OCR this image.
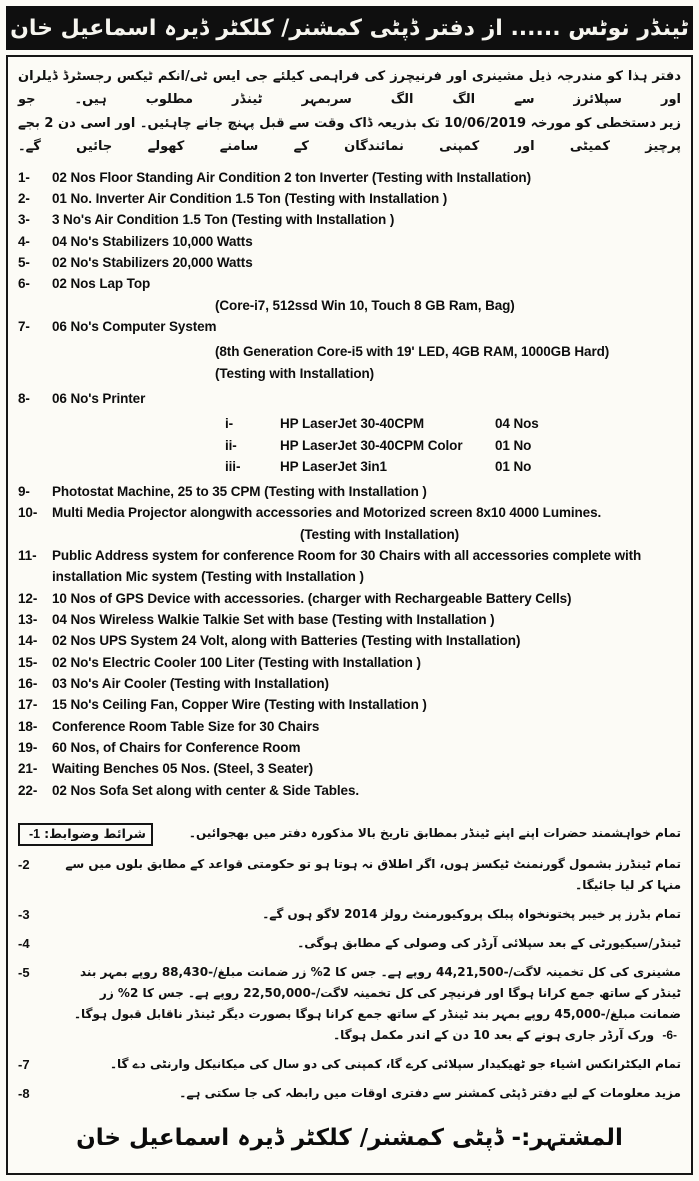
ٹینڈر نوٹس ...... از دفتر ڈپٹی کمشنر/ کلکٹر ڈیرہ اسماعیل خان
دفتر ہذا کو مندرجہ ذیل مشینری اور فرنیچرز کی فراہمی کیلئے جی ایس ٹی/انکم ٹیکس رجسٹرڈ ڈیلران اور سپلائرز سے الگ الگ سربمہر ٹینڈر مطلوب ہیں۔ جو
زیر دستخطی کو مورخہ 10/06/2019 تک بذریعہ ڈاک وقت سے قبل پہنچ جانے چاہئیں۔ اور اسی دن 2 بجے پرچیز کمیٹی اور کمپنی نمائندگان کے سامنے کھولے جائیں گے۔
1-	02 Nos Floor Standing Air Condition 2 ton Inverter (Testing with Installation)
2-	01 No. Inverter Air Condition 1.5 Ton (Testing with Installation )
3-	3 No's Air Condition 1.5 Ton (Testing with Installation )
4-	04 No's Stabilizers 10,000 Watts
5-	02 No's Stabilizers 20,000 Watts
6-	02 Nos Lap Top
(Core-i7, 512ssd Win 10, Touch 8 GB Ram, Bag)
7-	06 No's Computer System
(8th Generation Core-i5 with 19' LED, 4GB RAM, 1000GB Hard)
(Testing with Installation)
8-	06 No's Printer
i-	HP LaserJet 30-40CPM	04 Nos
ii-	HP LaserJet 30-40CPM Color	01 No
iii-	HP LaserJet 3in1	01 No
9-	Photostat Machine, 25 to 35 CPM (Testing with Installation )
10-	Multi Media Projector alongwith accessories and Motorized screen 8x10 4000 Lumines.
(Testing with Installation)
11-	Public Address system for conference Room for 30 Chairs with all accessories complete with installation Mic system (Testing with Installation )
12-	10 Nos of GPS Device with accessories. (charger with Rechargeable Battery Cells)
13-	04 Nos Wireless Walkie Talkie Set with base (Testing with Installation )
14-	02 Nos UPS System 24 Volt, along with Batteries (Testing with Installation)
15-	02 No's Electric Cooler 100 Liter (Testing with Installation )
16-	03 No's Air Cooler (Testing with Installation)
17-	15 No's Ceiling Fan, Copper Wire (Testing with Installation )
18-	Conference Room Table Size for 30 Chairs
19-	60 Nos, of Chairs for Conference Room
21-	Waiting Benches 05 Nos. (Steel, 3 Seater)
22-	02 Nos Sofa Set along with center & Side Tables.
شرائط وضوابط:-1	تمام خواہشمند حضرات اپنے اپنے ٹینڈر بمطابق تاریخ بالا مذکورہ دفتر میں بھجوائیں۔
-2	تمام ٹینڈرز بشمول گورنمنٹ ٹیکسز ہوں، اگر اطلاق نہ ہوتا ہو تو حکومتی قواعد کے مطابق بلوں میں سے منہا کر لیا جائیگا۔
-3	تمام بڈرز پر خیبر پختونخواہ پبلک پروکیورمنٹ رولز 2014 لاگو ہوں گے۔
-4	ٹینڈر/سیکیورٹی کے بعد سپلائی آرڈر کی وصولی کے مطابق ہوگی۔
-5	مشینری کی کل تخمینہ لاگت/-44,21,500 روپے ہے۔ جس کا 2% زر ضمانت مبلغ/-88,430 روپے بمہر بند ٹینڈر کے ساتھ جمع کرانا ہوگا اور فرنیچر کی کل تخمینہ لاگت/-22,50,000 روپے ہے۔ جس کا 2% زر ضمانت مبلغ/-45,000 روپے بمہر بند ٹینڈر کے ساتھ جمع کرانا ہوگا بصورت دیگر ٹینڈر ناقابل قبول ہوگا۔ -6- ورک آرڈر جاری ہونے کے بعد 10 دن کے اندر مکمل ہوگا۔
-7	تمام الیکٹرانکس اشیاء جو ٹھیکیدار سپلائی کرے گا، کمپنی کی دو سال کی میکانیکل وارنٹی دے گا۔
-8	مزید معلومات کے لیے دفتر ڈپٹی کمشنر سے دفتری اوقات میں رابطہ کی جا سکتی ہے۔
المشتہر:- ڈپٹی کمشنر/ کلکٹر ڈیرہ اسماعیل خان
